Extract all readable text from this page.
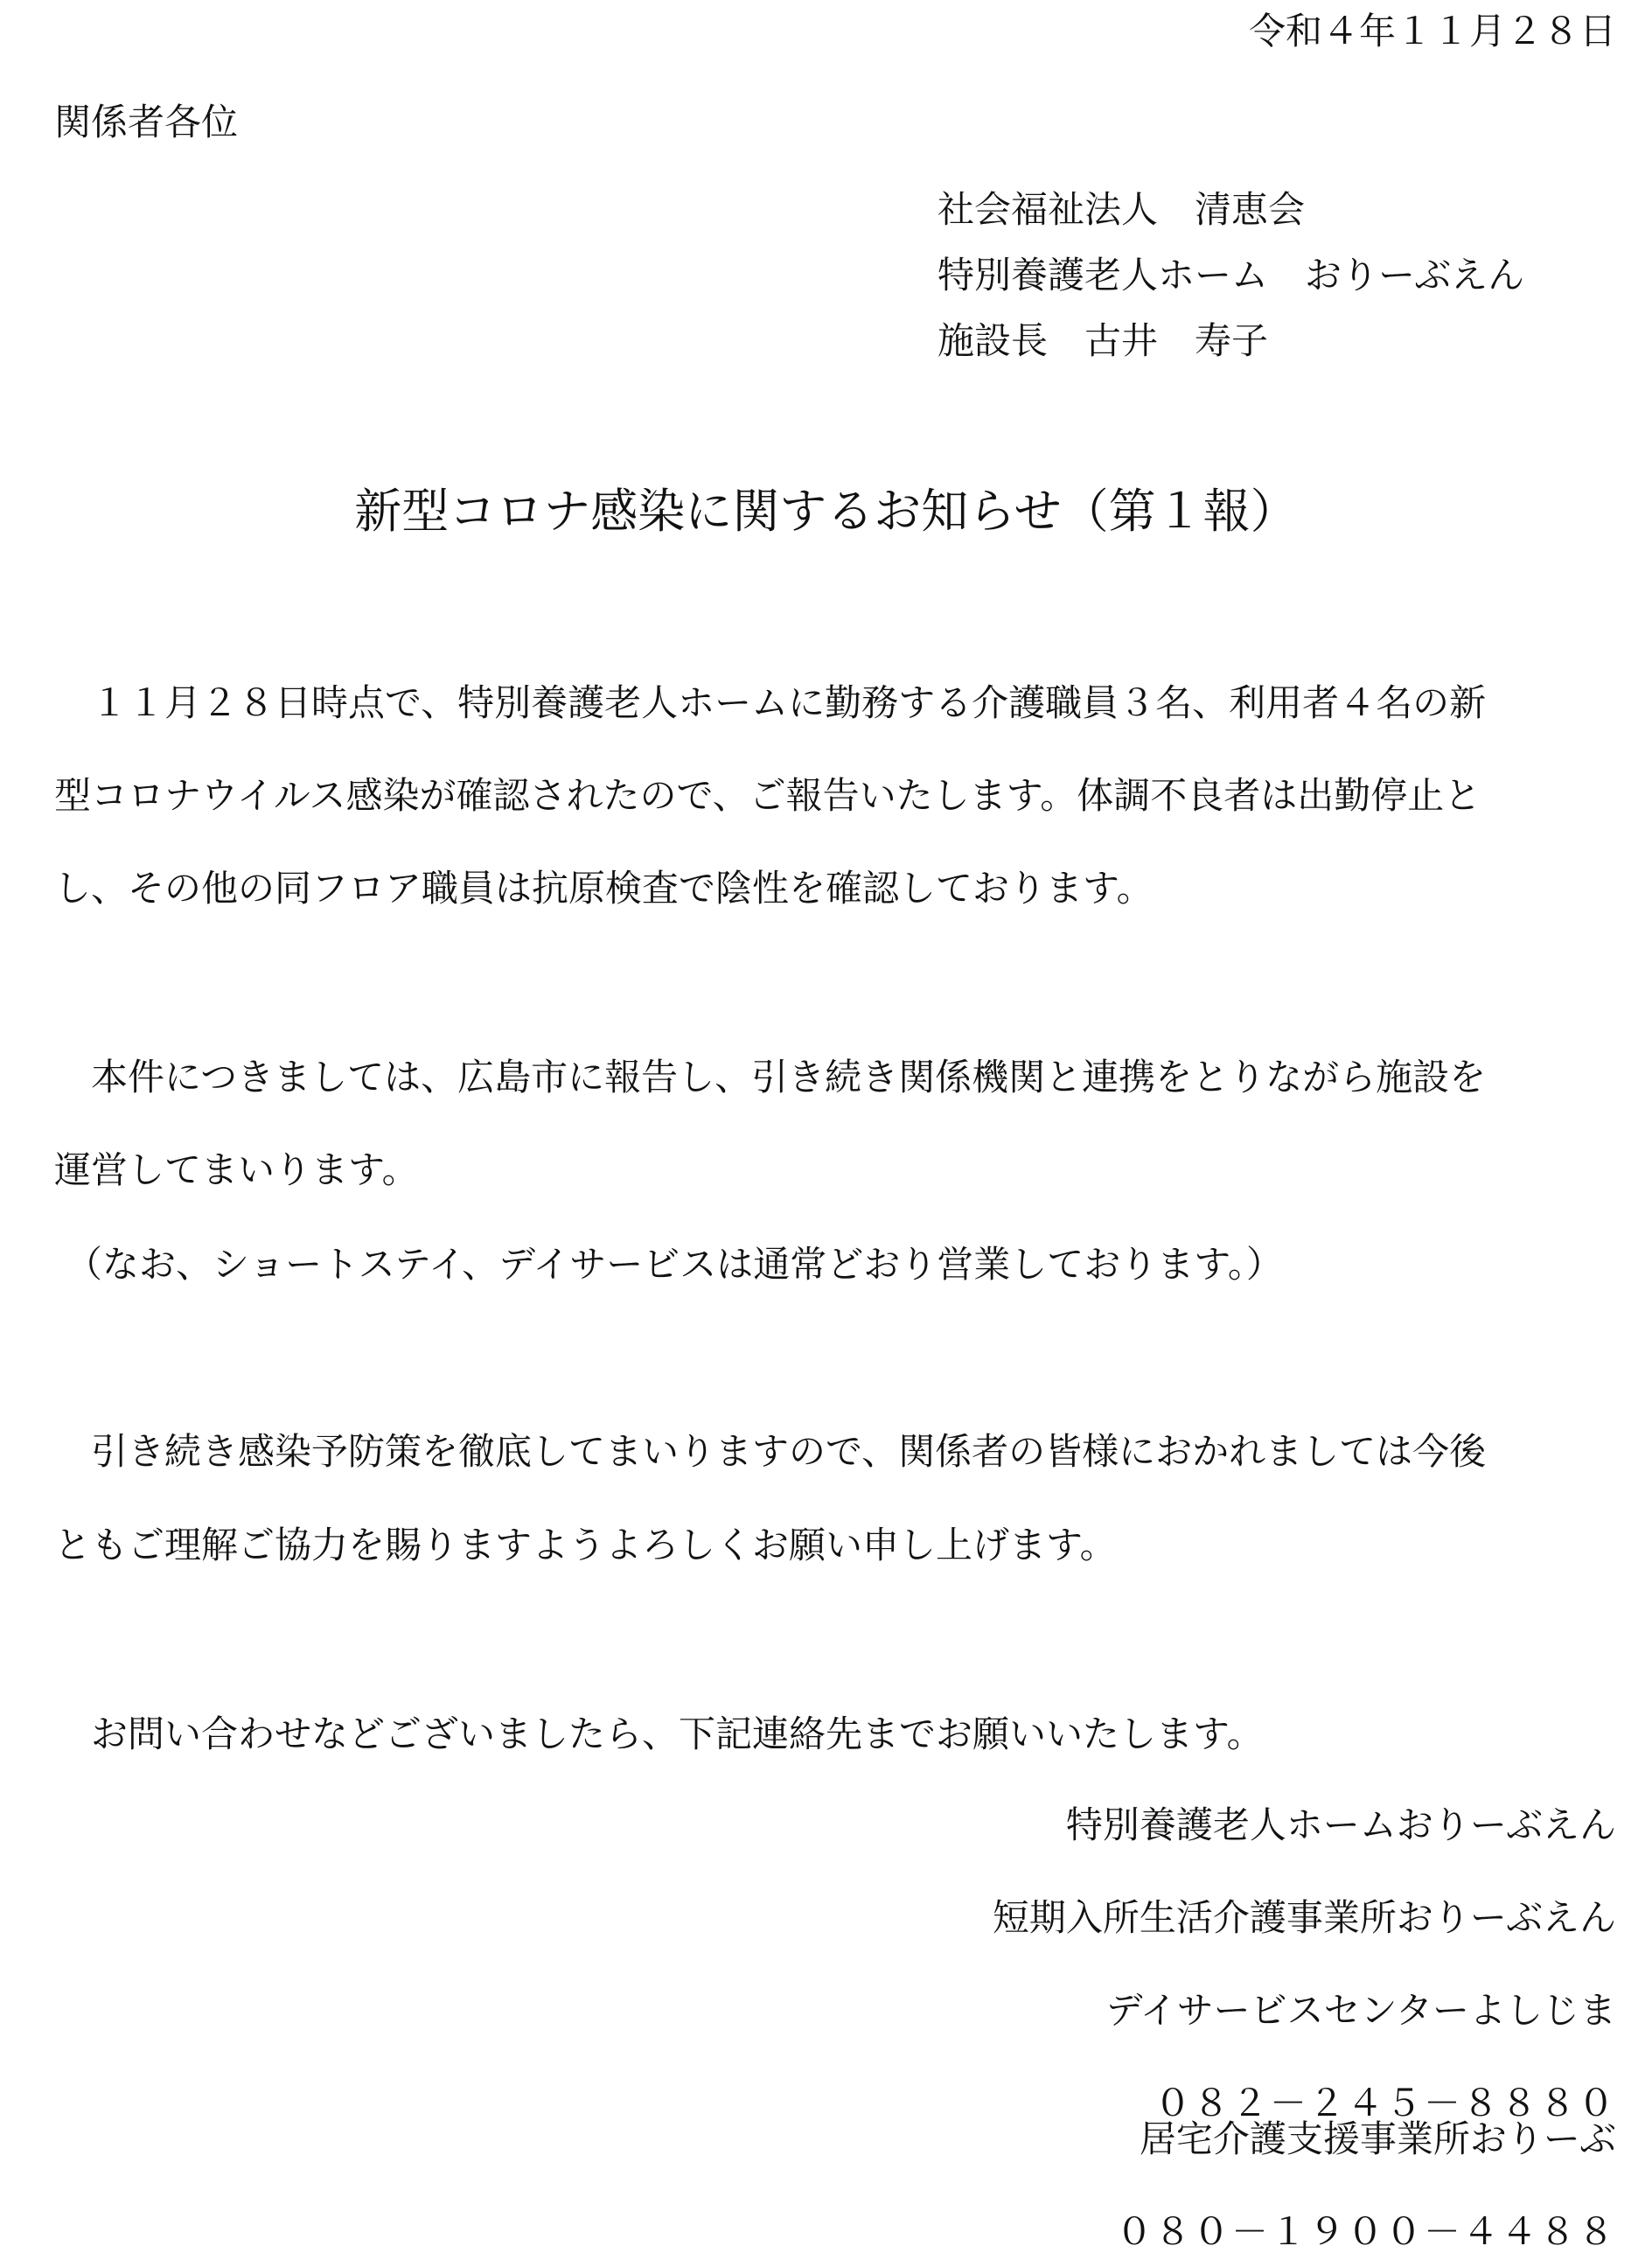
令和４年１１月２８日
関係者各位
社会福祉法人　清恵会
特別養護老人ホーム　おりーぶえん
施設長　古井　寿子
新型コロナ感染に関するお知らせ（第１報）
　１１月２８日時点で、特別養護老人ホームに勤務する介護職員３名、利用者４名の新
型コロナウイルス感染が確認されたので、ご報告いたします。体調不良者は出勤停止と
し、その他の同フロア職員は抗原検査で陰性を確認しております。
　本件につきましては、広島市に報告し、引き続き関係機関と連携をとりながら施設を
運営してまいります。
（なお、ショートステイ、デイサービスは通常どおり営業しております。）
　引き続き感染予防策を徹底してまいりますので、関係者の皆様におかれましては今後
ともご理解ご協力を賜りますようよろしくお願い申し上げます。
　お問い合わせなどございましたら、下記連絡先までお願いいたします。
特別養護老人ホームおりーぶえん
短期入所生活介護事業所おりーぶえん
デイサービスセンターよしじま
０８２－２４５－８８８０
居宅介護支援事業所おりーぶ
０８０－１９００－４４８８
